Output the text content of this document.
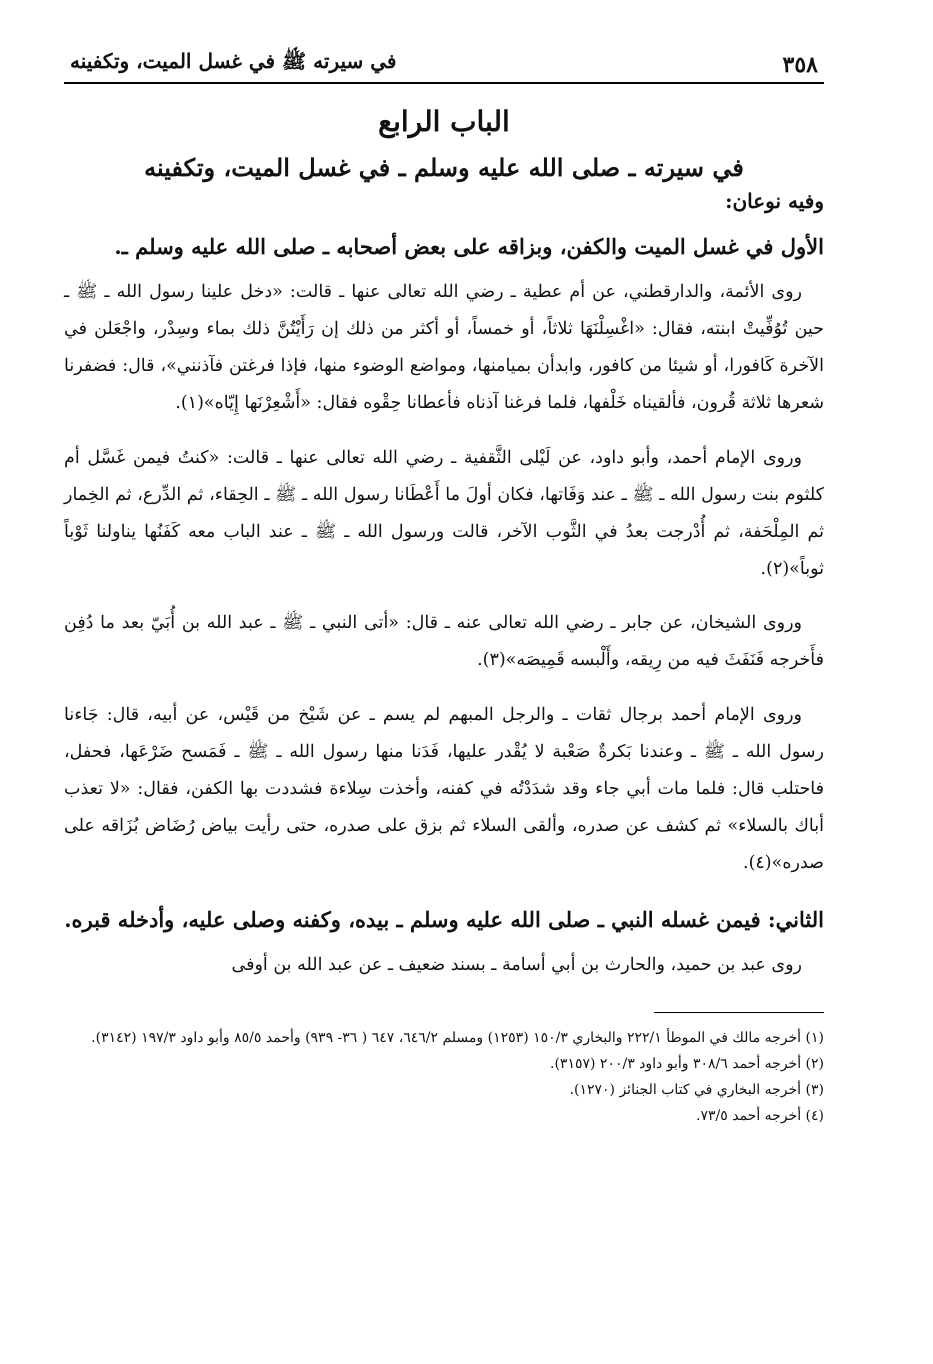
٣٥٨
في سيرته ﷺ في غسل الميت، وتكفينه
الباب الرابع
في سيرته ـ صلى الله عليه وسلم ـ في غسل الميت، وتكفينه
وفيه نوعان:
الأول في غسل الميت والكفن، وبزاقه على بعض أصحابه ـ صلى الله عليه وسلم ـ.

روى الأئمة، والدارقطني، عن أم عطية ـ رضي الله تعالى عنها ـ قالت: «دخل علينا رسول الله ـ ﷺ ـ حين تُوُفِّيتْ ابنته، فقال: «اغْسِلْنَهَا ثلاثاً، أو خمساً، أو أكثر من ذلك إن رَأَيْتُنَّ ذلك بماء وسِدْر، واجْعَلن في الآخرة كَافورا، أو شيئا من كافور، وابدأن بميامنها، ومواضع الوضوء منها، فإذا فرغتن فآذنني»، قال: فضفرنا شعرها ثلاثة قُرون، فألقيناه خَلْفها، فلما فرغنا آذناه فأعطانا حِقْوه فقال: «أَشْعِرْنَها إِيّاه»(١).

وروى الإمام أحمد، وأبو داود، عن لَيْلى الثَّقفية ـ رضي الله تعالى عنها ـ قالت: «كنتُ فيمن غَسَّل أم كلثوم بنت رسول الله ـ ﷺ ـ عند وَفَاتها، فكان أولَ ما أَعْطَانا رسول الله ـ ﷺ ـ الحِقاء، ثم الدِّرع، ثم الخِمار ثم المِلْحَفة، ثم أُدْرجت بعدُ في الثَّوب الآخر، قالت ورسول الله ـ ﷺ ـ عند الباب معه كَفَنُها يناولنا ثَوْباً ثوباً»(٢).

وروى الشيخان، عن جابر ـ رضي الله تعالى عنه ـ قال: «أتى النبي ـ ﷺ ـ عبد الله بن أُبَيّ بعد ما دُفِن فأَخرجه فَنَفَثَ فيه من رِيقه، وأَلْبسه قَمِيصَه»(٣).

وروى الإمام أحمد برجال ثقات ـ والرجل المبهم لم يسم ـ عن شَيْخ من قَيْس، عن أبيه، قال: جَاءنا رسول الله ـ ﷺ ـ وعندنا بَكرةٌ صَعْبة لا يُقْدر عليها، فَدَنا منها رسول الله ـ ﷺ ـ فَمَسح ضَرْعَها، فحفل، فاحتلب قال: فلما مات أبي جاء وقد شدَدْتُه في كفنه، وأخذت سِلاءة فشددت بها الكفن، فقال: «لا تعذب أباك بالسلاء» ثم كشف عن صدره، وألقى السلاء ثم بزق على صدره، حتى رأيت بياض رُضَاض بُزَاقه على صدره»(٤).

الثاني: فيمن غسله النبي ـ صلى الله عليه وسلم ـ بيده، وكفنه وصلى عليه، وأدخله قبره.

روى عبد بن حميد، والحارث بن أبي أسامة ـ بسند ضعيف ـ عن عبد الله بن أوفى

(١) أخرجه مالك في الموطأ ٢٢٢/١ والبخاري ١٥٠/٣ (١٢٥٣) ومسلم ٦٤٦/٢، ٦٤٧ ( ٣٦- ٩٣٩) وأحمد ٨٥/٥ وأبو داود ١٩٧/٣ (٣١٤٢).
(٢) أخرجه أحمد ٣٠٨/٦ وأبو داود ٢٠٠/٣ (٣١٥٧).
(٣) أخرجه البخاري في كتاب الجنائز (١٢٧٠).
(٤) أخرجه أحمد ٧٣/٥.
